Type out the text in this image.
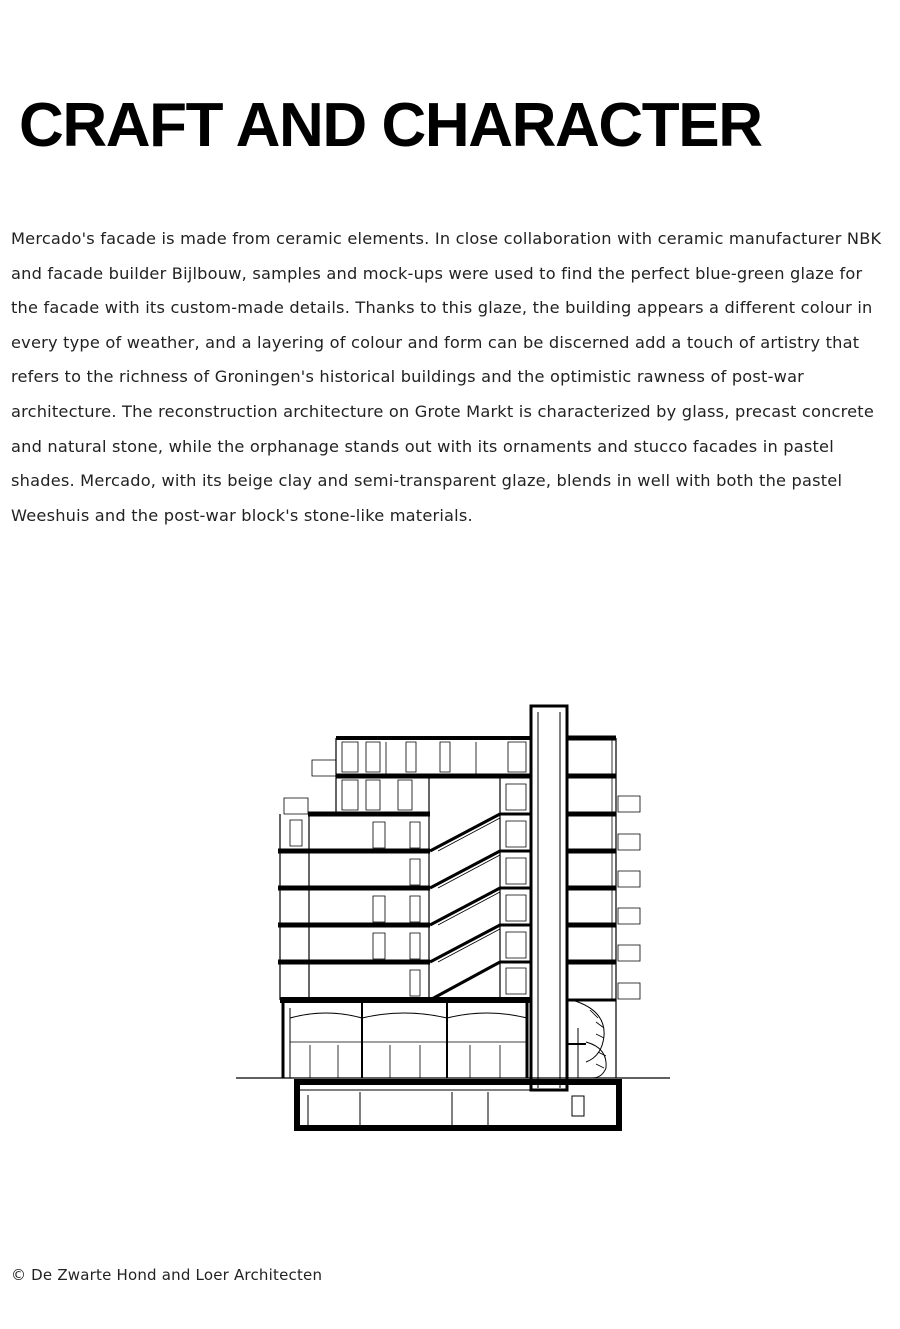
CRAFT AND CHARACTER

Mercado's facade is made from ceramic elements. In close collaboration with ceramic manufacturer NBK and facade builder Bijlbouw, samples and mock-ups were used to find the perfect blue-green glaze for the facade with its custom-made details. Thanks to this glaze, the building appears a different colour in every type of weather, and a layering of colour and form can be discerned add a touch of artistry that refers to the richness of Groningen's historical buildings and the optimistic rawness of post-war architecture. The reconstruction architecture on Grote Markt is characterized by glass, precast concrete and natural stone, while the orphanage stands out with its ornaments and stucco facades in pastel shades. Mercado, with its beige clay and semi-transparent glaze, blends in well with both the pastel Weeshuis and the post-war block's stone-like materials.

© De Zwarte Hond and Loer Architecten
